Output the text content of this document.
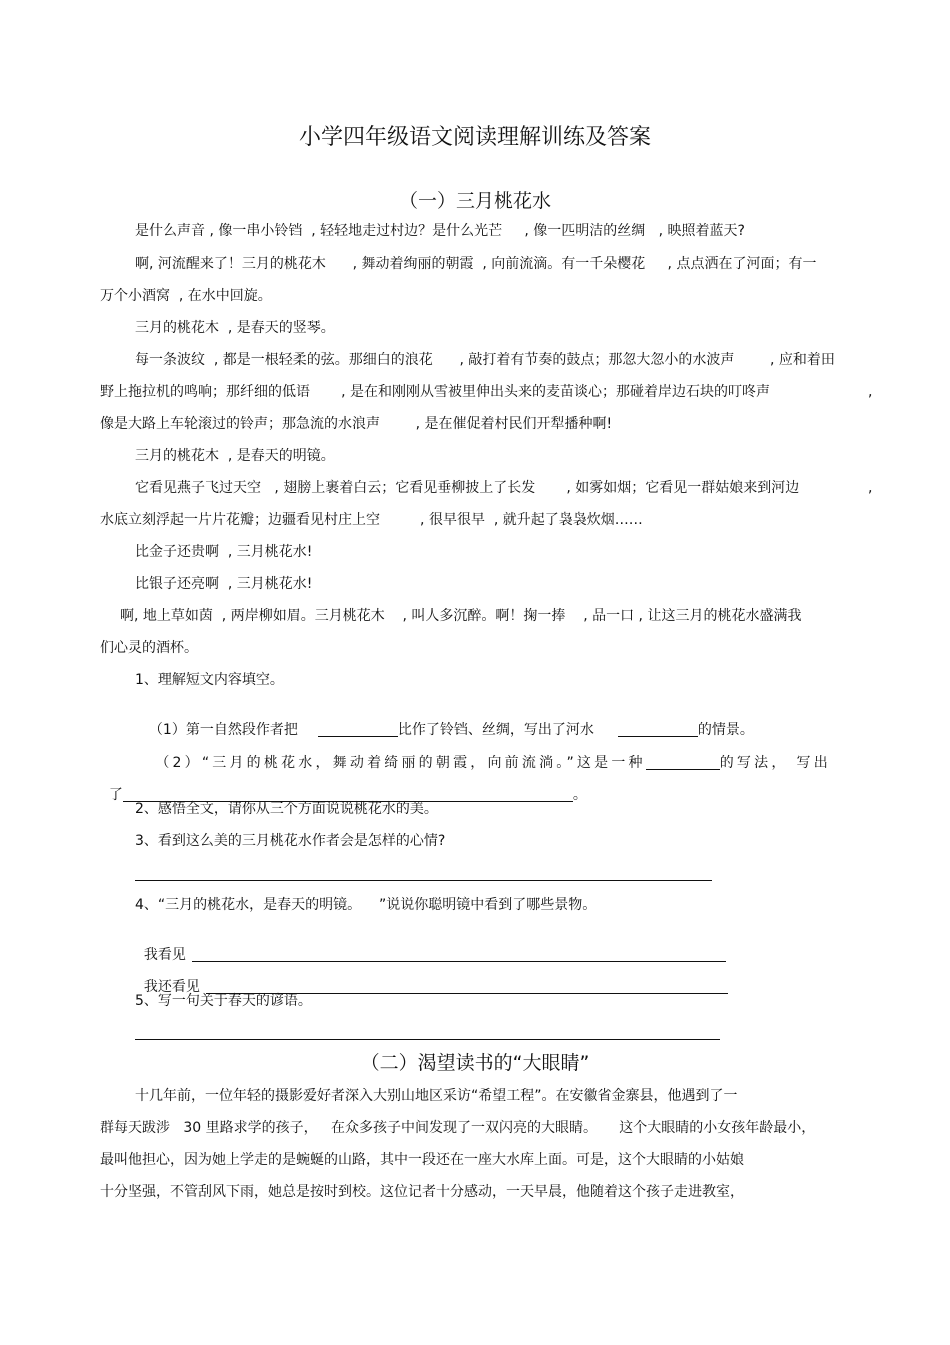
小学四年级语文阅读理解训练及答案
（一）三月桃花水
是什么声音 , 像一串小铃铛  , 轻轻地走过村边？是什么光芒     , 像一匹明洁的丝绸   , 映照着蓝天?
啊, 河流醒来了！三月的桃花木      , 舞动着绚丽的朝霞  , 向前流滴。有一千朵樱花     , 点点洒在了河面；有一
万个小酒窝  , 在水中回旋。
三月的桃花木  , 是春天的竖琴。
每一条波纹  , 都是一根轻柔的弦。那细白的浪花      , 敲打着有节奏的鼓点；那忽大忽小的水波声        , 应和着田
野上拖拉机的鸣响；那纤细的低语       , 是在和刚刚从雪被里伸出头来的麦苗谈心；那碰着岸边石块的叮咚声	,
像是大路上车轮滚过的铃声；那急流的水浪声        , 是在催促着村民们开犁播种啊!
三月的桃花木  , 是春天的明镜。
它看见燕子飞过天空   , 翅膀上裹着白云；它看见垂柳披上了长发       , 如雾如烟；它看见一群姑娘来到河边	,
水底立刻浮起一片片花瓣；边疆看见村庄上空         , 很早很早  , 就升起了袅袅炊烟……
比金子还贵啊  , 三月桃花水!
比银子还亮啊  , 三月桃花水!
啊, 地上草如茵  , 两岸柳如眉。三月桃花木    , 叫人多沉醉。啊！掬一捧    , 品一口 , 让这三月的桃花水盛满我
们心灵的酒杯。
1、理解短文内容填空。

（1）第一自然段作者把	比作了铃铛、丝绸，写出了河水	的情景。

（2）“三月的桃花水，舞动着绮丽的朝霞，向前流淌。”这是一种	的写法， 写出

了	。

2、感悟全文，请你从三个方面说说桃花水的美。
3、看到这么美的三月桃花水作者会是怎样的心情?
4、“三月的桃花水，是春天的明镜。    ”说说你聪明镜中看到了哪些景物。

我看见

我还看见

5、写一句关于春天的谚语。
（二）渴望读书的“大眼睛”
十几年前，一位年轻的摄影爱好者深入大别山地区采访“希望工程”。在安徽省金寨县，他遇到了一
群每天跋涉   30 里路求学的孩子，   在众多孩子中间发现了一双闪亮的大眼睛。     这个大眼睛的小女孩年龄最小，
最叫他担心，因为她上学走的是蜿蜒的山路，其中一段还在一座大水库上面。可是，这个大眼睛的小姑娘
十分坚强，不管刮风下雨，她总是按时到校。这位记者十分感动，一天早晨，他随着这个孩子走进教室，
